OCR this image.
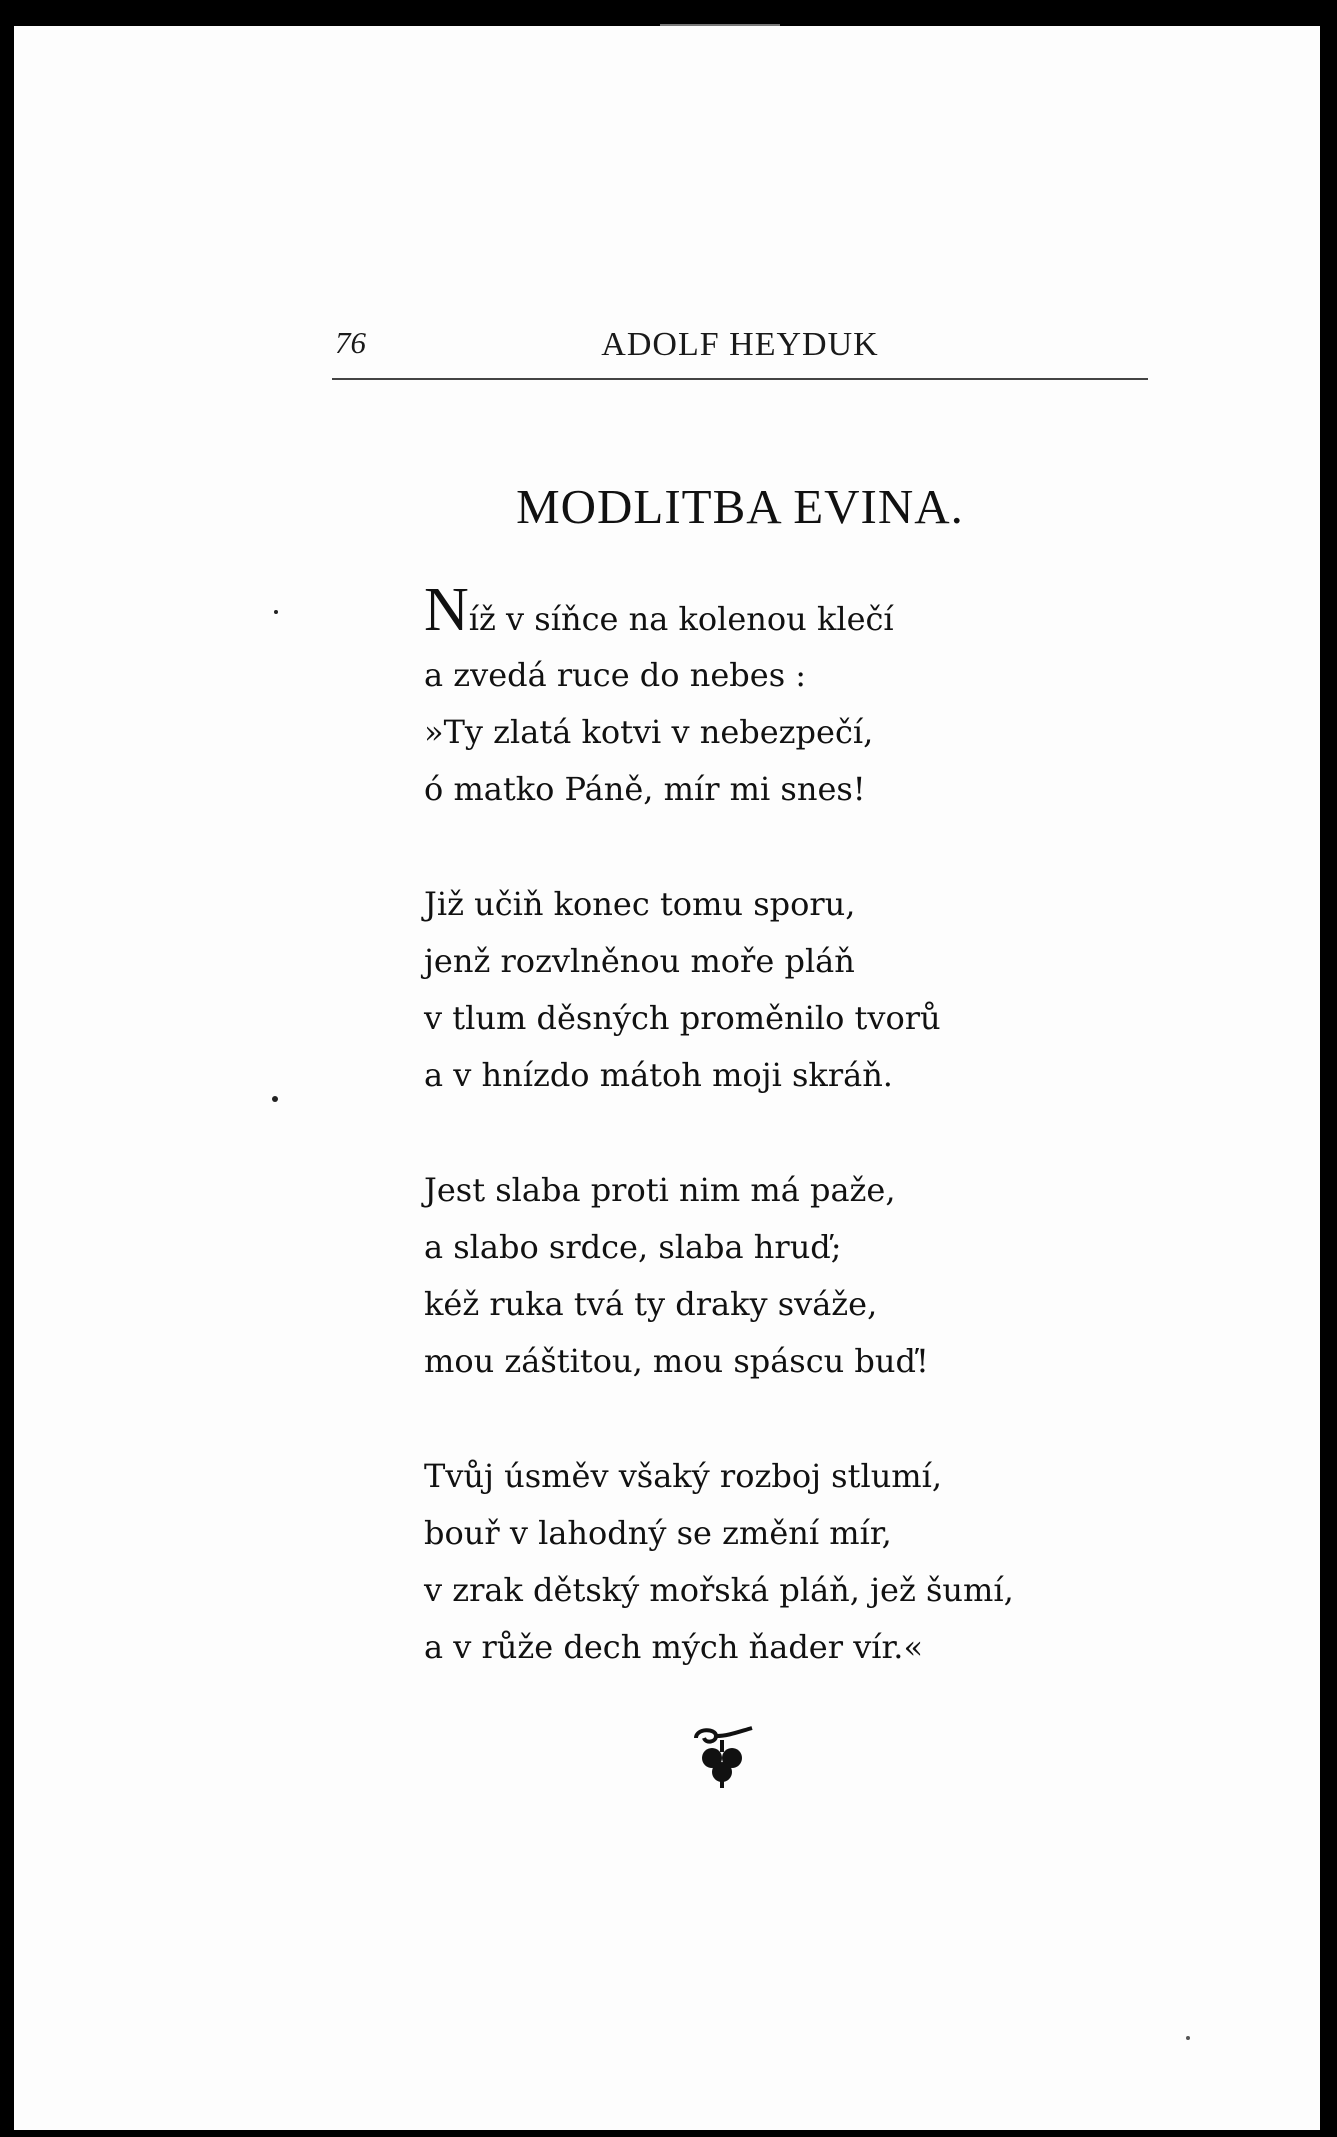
76	ADOLF HEYDUK
MODLITBA EVINA.
Níž v síňce na kolenou klečí
a zvedá ruce do nebes :
»Ty zlatá kotvi v nebezpečí,
ó matko Páně, mír mi snes!
Již učiň konec tomu sporu,
jenž rozvlněnou moře pláň
v tlum děsných proměnilo tvorů
a v hnízdo mátoh moji skráň.
Jest slaba proti nim má paže,
a slabo srdce, slaba hruď;
kéž ruka tvá ty draky sváže,
mou záštitou, mou spáscu buď!
Tvůj úsměv všaký rozboj stlumí,
bouř v lahodný se změní mír,
v zrak dětský mořská pláň, jež šumí,
a v růže dech mých ňader vír.«
